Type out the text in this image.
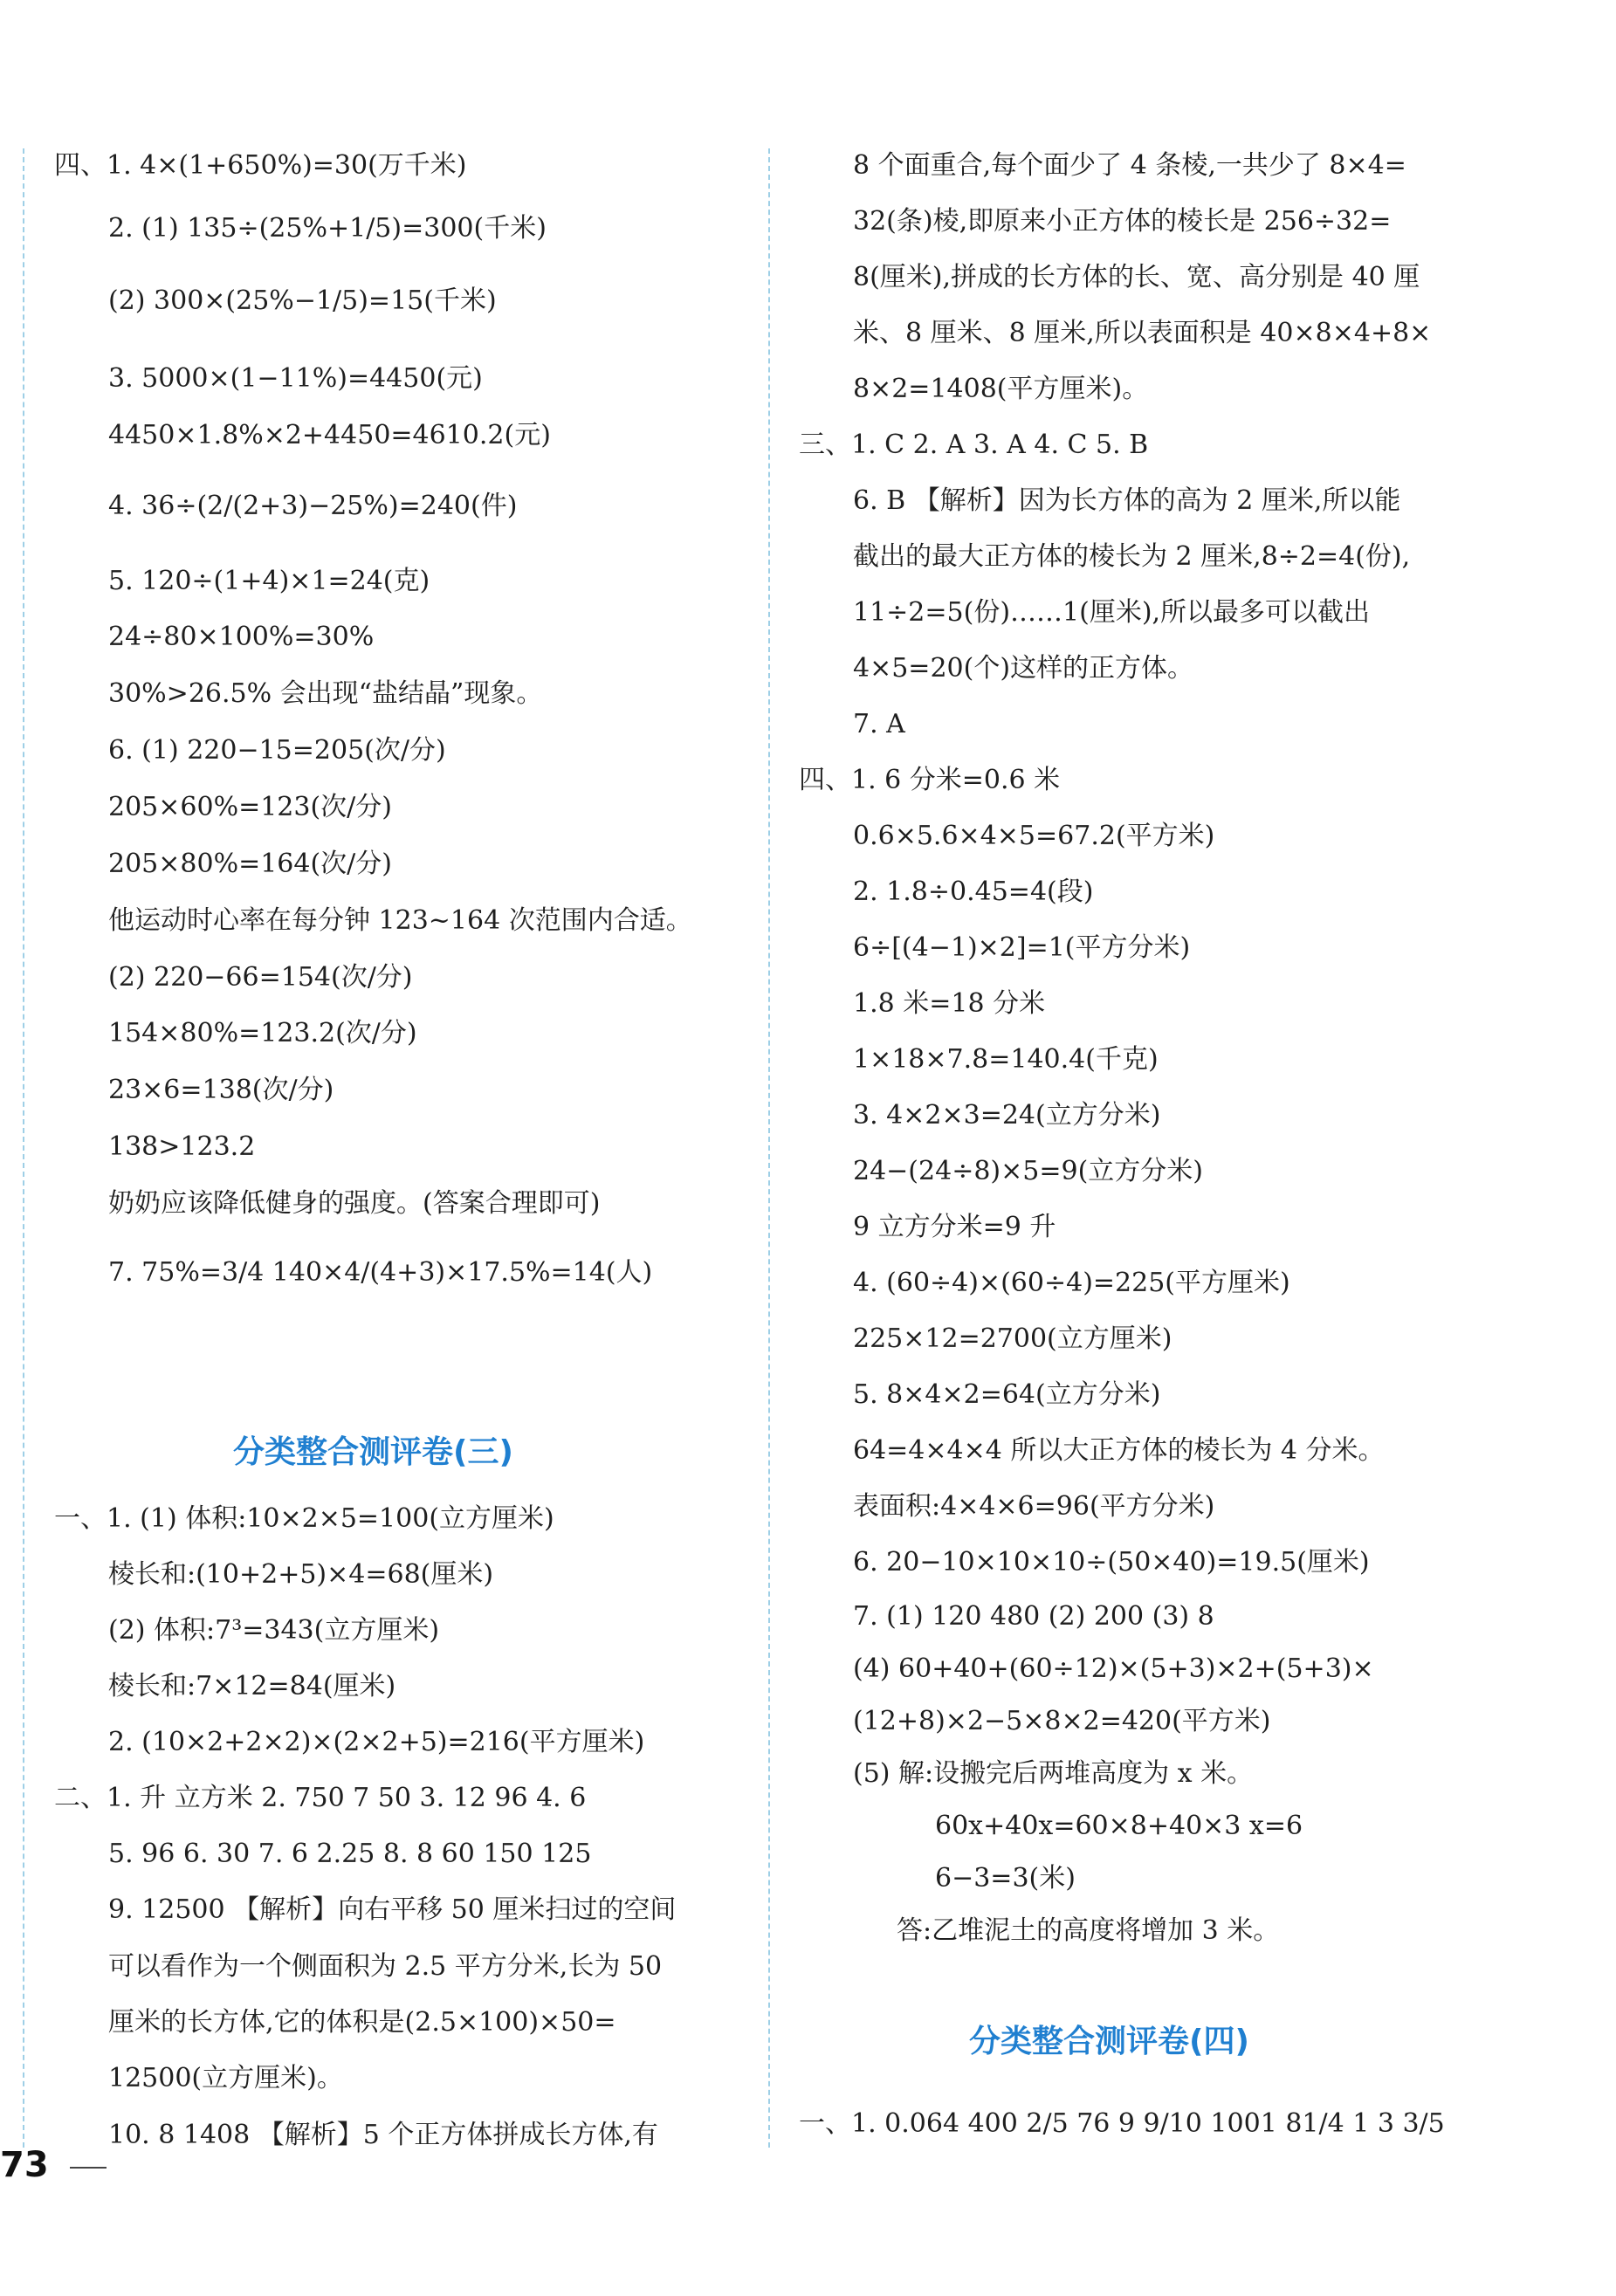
四、1. 4×(1+650%)=30(万千米)
2. (1) 135÷(25%+1/5)=300(千米)
(2) 300×(25%−1/5)=15(千米)
3. 5000×(1−11%)=4450(元)
4450×1.8%×2+4450=4610.2(元)
4. 36÷(2/(2+3)−25%)=240(件)
5. 120÷(1+4)×1=24(克)
24÷80×100%=30%
30%>26.5% 会出现“盐结晶”现象。
6. (1) 220−15=205(次/分)
205×60%=123(次/分)
205×80%=164(次/分)
他运动时心率在每分钟 123~164 次范围内合适。
(2) 220−66=154(次/分)
154×80%=123.2(次/分)
23×6=138(次/分)
138>123.2
奶奶应该降低健身的强度。(答案合理即可)
7. 75%=3/4 140×4/(4+3)×17.5%=14(人)
分类整合测评卷(三)
一、1. (1) 体积:10×2×5=100(立方厘米)
棱长和:(10+2+5)×4=68(厘米)
(2) 体积:7³=343(立方厘米)
棱长和:7×12=84(厘米)
2. (10×2+2×2)×(2×2+5)=216(平方厘米)
二、1. 升 立方米 2. 750 7 50 3. 12 96 4. 6
5. 96 6. 30 7. 6 2.25 8. 8 60 150 125
9. 12500 【解析】向右平移 50 厘米扫过的空间
可以看作为一个侧面积为 2.5 平方分米,长为 50
厘米的长方体,它的体积是(2.5×100)×50=
12500(立方厘米)。
10. 8 1408 【解析】5 个正方体拼成长方体,有
8 个面重合,每个面少了 4 条棱,一共少了 8×4=
32(条)棱,即原来小正方体的棱长是 256÷32=
8(厘米),拼成的长方体的长、宽、高分别是 40 厘
米、8 厘米、8 厘米,所以表面积是 40×8×4+8×
8×2=1408(平方厘米)。
三、1. C 2. A 3. A 4. C 5. B
6. B 【解析】因为长方体的高为 2 厘米,所以能
截出的最大正方体的棱长为 2 厘米,8÷2=4(份),
11÷2=5(份)……1(厘米),所以最多可以截出
4×5=20(个)这样的正方体。
7. A
四、1. 6 分米=0.6 米
0.6×5.6×4×5=67.2(平方米)
2. 1.8÷0.45=4(段)
6÷[(4−1)×2]=1(平方分米)
1.8 米=18 分米
1×18×7.8=140.4(千克)
3. 4×2×3=24(立方分米)
24−(24÷8)×5=9(立方分米)
9 立方分米=9 升
4. (60÷4)×(60÷4)=225(平方厘米)
225×12=2700(立方厘米)
5. 8×4×2=64(立方分米)
64=4×4×4 所以大正方体的棱长为 4 分米。
表面积:4×4×6=96(平方分米)
6. 20−10×10×10÷(50×40)=19.5(厘米)
7. (1) 120 480 (2) 200 (3) 8
(4) 60+40+(60÷12)×(5+3)×2+(5+3)×
(12+8)×2−5×8×2=420(平方米)
(5) 解:设搬完后两堆高度为 x 米。
60x+40x=60×8+40×3 x=6
6−3=3(米)
答:乙堆泥土的高度将增加 3 米。
分类整合测评卷(四)
一、1. 0.064 400 2/5 76 9 9/10 1001 81/4 1 3 3/5
73
